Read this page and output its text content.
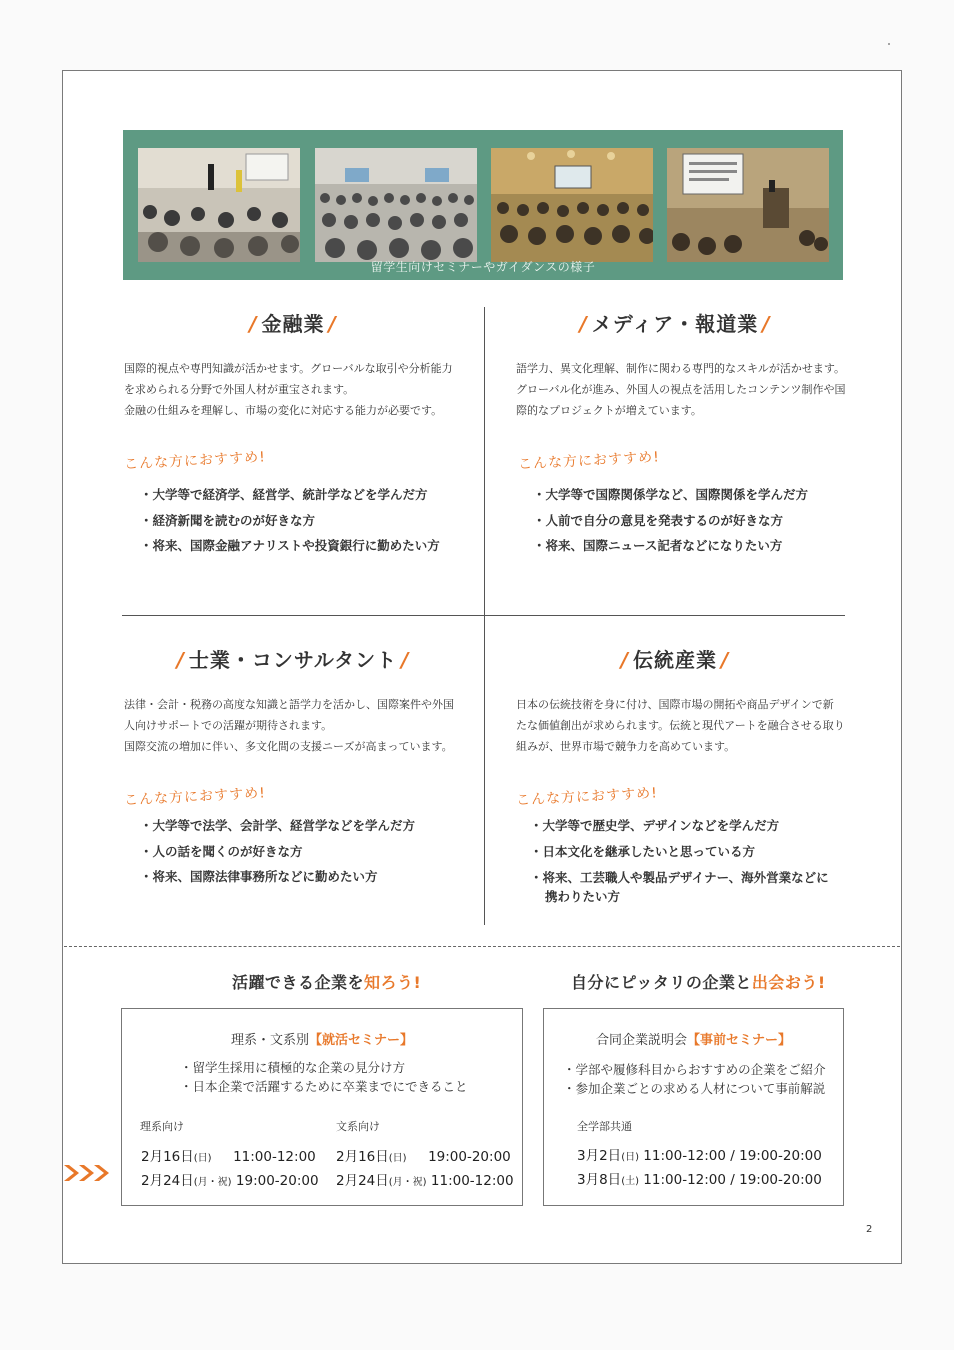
留学生向けセミナーやガイダンスの様子
/ 金融業 /

国際的視点や専門知識が活かせます。グローバルな取引や分析能力

を求められる分野で外国人材が重宝されます。

金融の仕組みを理解し、市場の変化に対応する能力が必要です。

こんな方におすすめ!
・ 大学等で経済学、経営学、統計学などを学んだ方
・ 経済新聞を読むのが好きな方
・ 将来、国際金融アナリストや投資銀行に勤めたい方
/ メディア・報道業 /

語学力、異文化理解、制作に関わる専門的なスキルが活かせます。

グローバル化が進み、外国人の視点を活用したコンテンツ制作や国

際的なプロジェクトが増えています。

こんな方におすすめ!
・ 大学等で国際関係学など、国際関係を学んだ方
・ 人前で自分の意見を発表するのが好きな方
・ 将来、国際ニュース記者などになりたい方
/ 士業・コンサルタント /

法律・会計・税務の高度な知識と語学力を活かし、国際案件や外国

人向けサポートでの活躍が期待されます。

国際交流の増加に伴い、多文化間の支援ニーズが高まっています。

こんな方におすすめ!
・ 大学等で法学、会計学、経営学などを学んだ方
・ 人の話を聞くのが好きな方
・ 将来、国際法律事務所などに勤めたい方
/ 伝統産業 /

日本の伝統技術を身に付け、国際市場の開拓や商品デザインで新

たな価値創出が求められます。伝統と現代アートを融合させる取り

組みが、世界市場で競争力を高めています。

こんな方におすすめ!
・ 大学等で歴史学、デザインなどを学んだ方
・ 日本文化を継承したいと思っている方
・ 将来、工芸職人や製品デザイナー、海外営業などに携わりたい方
活躍できる企業を知ろう!
理系・文系別【就活セミナー】
・ 留学生採用に積極的な企業の見分け方
・ 日本企業で活躍するために卒業までにできること
理系向け	文系向け
2月16日(日) 11:00-12:00
2月24日(月・祝) 19:00-20:00
2月16日(日) 19:00-20:00
2月24日(月・祝) 11:00-12:00
自分にピッタリの企業と出会おう!
合同企業説明会【事前セミナー】
・ 学部や履修科目からおすすめの企業をご紹介
・ 参加企業ごとの求める人材について事前解説
全学部共通
3月2日(日) 11:00-12:00 / 19:00-20:00
3月8日(土) 11:00-12:00 / 19:00-20:00
2
